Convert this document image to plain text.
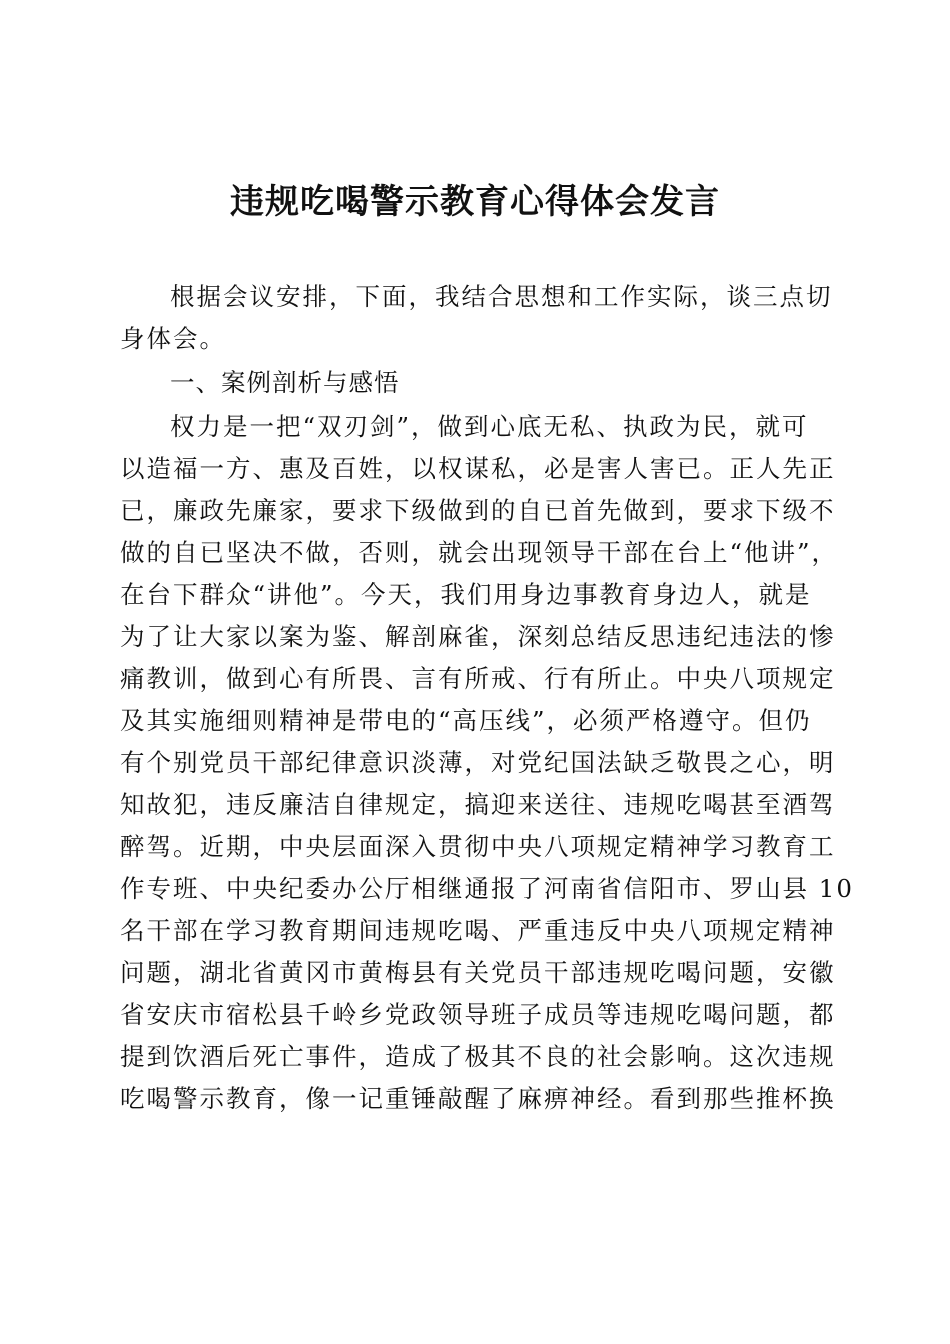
违规吃喝警示教育心得体会发言
根据会议安排，下面，我结合思想和工作实际，谈三点切
身体会。
一、案例剖析与感悟
权力是一把“双刃剑”，做到心底无私、执政为民，就可
以造福一方、惠及百姓，以权谋私，必是害人害已。正人先正
已，廉政先廉家，要求下级做到的自已首先做到，要求下级不
做的自已坚决不做，否则，就会出现领导干部在台上“他讲”，
在台下群众“讲他”。今天，我们用身边事教育身边人，就是
为了让大家以案为鉴、解剖麻雀，深刻总结反思违纪违法的惨
痛教训，做到心有所畏、言有所戒、行有所止。中央八项规定
及其实施细则精神是带电的“高压线”，必须严格遵守。但仍
有个别党员干部纪律意识淡薄，对党纪国法缺乏敬畏之心，明
知故犯，违反廉洁自律规定，搞迎来送往、违规吃喝甚至酒驾
醉驾。近期，中央层面深入贯彻中央八项规定精神学习教育工
作专班、中央纪委办公厅相继通报了河南省信阳市、罗山县 10
名干部在学习教育期间违规吃喝、严重违反中央八项规定精神
问题，湖北省黄冈市黄梅县有关党员干部违规吃喝问题，安徽
省安庆市宿松县千岭乡党政领导班子成员等违规吃喝问题，都
提到饮酒后死亡事件，造成了极其不良的社会影响。这次违规
吃喝警示教育，像一记重锤敲醒了麻痹神经。看到那些推杯换
